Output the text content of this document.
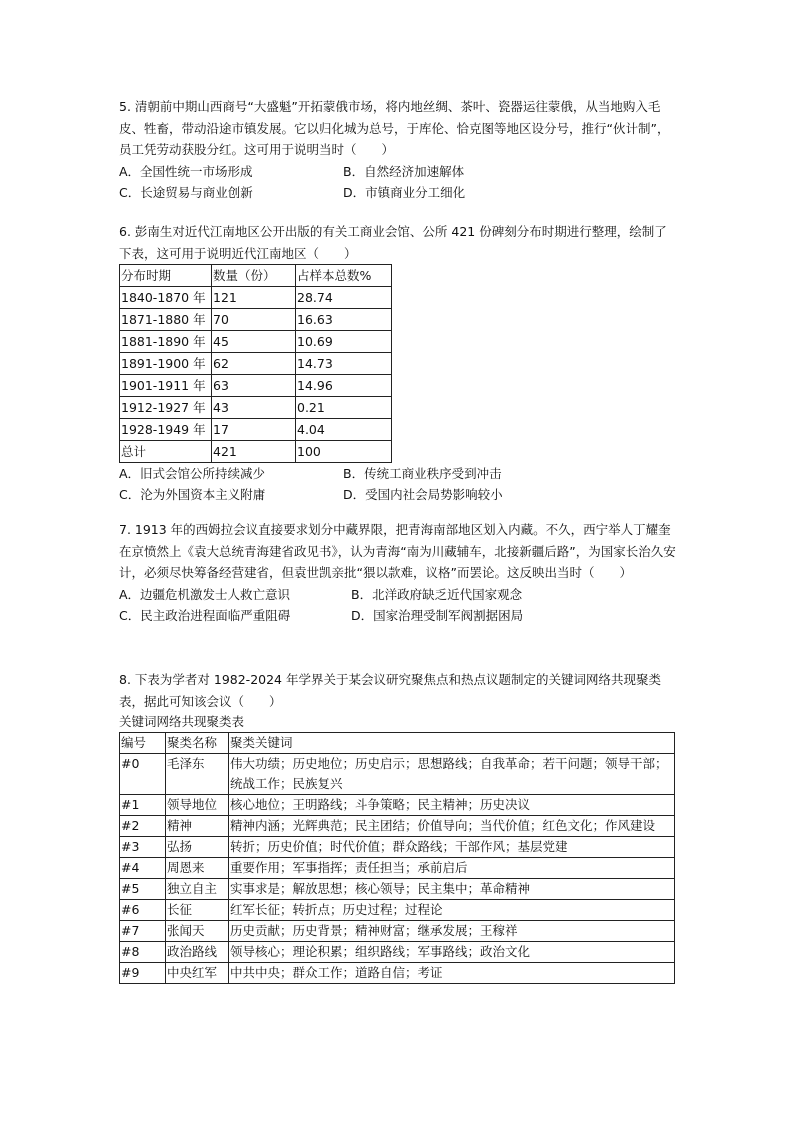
5. 清朝前中期山西商号“大盛魁”开拓蒙俄市场，将内地丝绸、茶叶、瓷器运往蒙俄，从当地购入毛皮、牲畜，带动沿途市镇发展。它以归化城为总号，于库伦、恰克图等地区设分号，推行“伙计制”，员工凭劳动获股分红。这可用于说明当时（　　）

A．全国性统一市场形成	B．自然经济加速解体
C．长途贸易与商业创新	D．市镇商业分工细化

6. 彭南生对近代江南地区公开出版的有关工商业会馆、公所 421 份碑刻分布时期进行整理，绘制了下表，这可用于说明近代江南地区（　　）

分布时期	数量（份）	占样本总数%
1840-1870 年	121	28.74
1871-1880 年	70	16.63
1881-1890 年	45	10.69
1891-1900 年	62	14.73
1901-1911 年	63	14.96
1912-1927 年	43	0.21
1928-1949 年	17	4.04
总计	421	100
A．旧式会馆公所持续减少	B．传统工商业秩序受到冲击
C．沦为外国资本主义附庸	D．受国内社会局势影响较小

7. 1913 年的西姆拉会议直接要求划分中藏界限，把青海南部地区划入内藏。不久，西宁举人丁耀奎在京愤然上《袁大总统青海建省政见书》，认为青海“南为川藏辅车，北接新疆后路”，为国家长治久安计，必须尽快筹备经营建省，但袁世凯亲批“猥以款难，议格”而罢论。这反映出当时（　　）

A．边疆危机激发士人救亡意识	B．北洋政府缺乏近代国家观念
C．民主政治进程面临严重阻碍	D．国家治理受制军阀割据困局

8. 下表为学者对 1982-2024 年学界关于某会议研究聚焦点和热点议题制定的关键词网络共现聚类表，据此可知该会议（　　）

关键词网络共现聚类表

编号	聚类名称	聚类关键词
#0	毛泽东	伟大功绩；历史地位；历史启示；思想路线；自我革命；若干问题；领导干部；统战工作；民族复兴
#1	领导地位	核心地位；王明路线；斗争策略；民主精神；历史决议
#2	精神	精神内涵；光辉典范；民主团结；价值导向；当代价值；红色文化；作风建设
#3	弘扬	转折；历史价值；时代价值；群众路线；干部作风；基层党建
#4	周恩来	重要作用；军事指挥；责任担当；承前启后
#5	独立自主	实事求是；解放思想；核心领导；民主集中；革命精神
#6	长征	红军长征；转折点；历史过程；过程论
#7	张闻天	历史贡献；历史背景；精神财富；继承发展；王稼祥
#8	政治路线	领导核心；理论积累；组织路线；军事路线；政治文化
#9	中央红军	中共中央；群众工作；道路自信；考证
